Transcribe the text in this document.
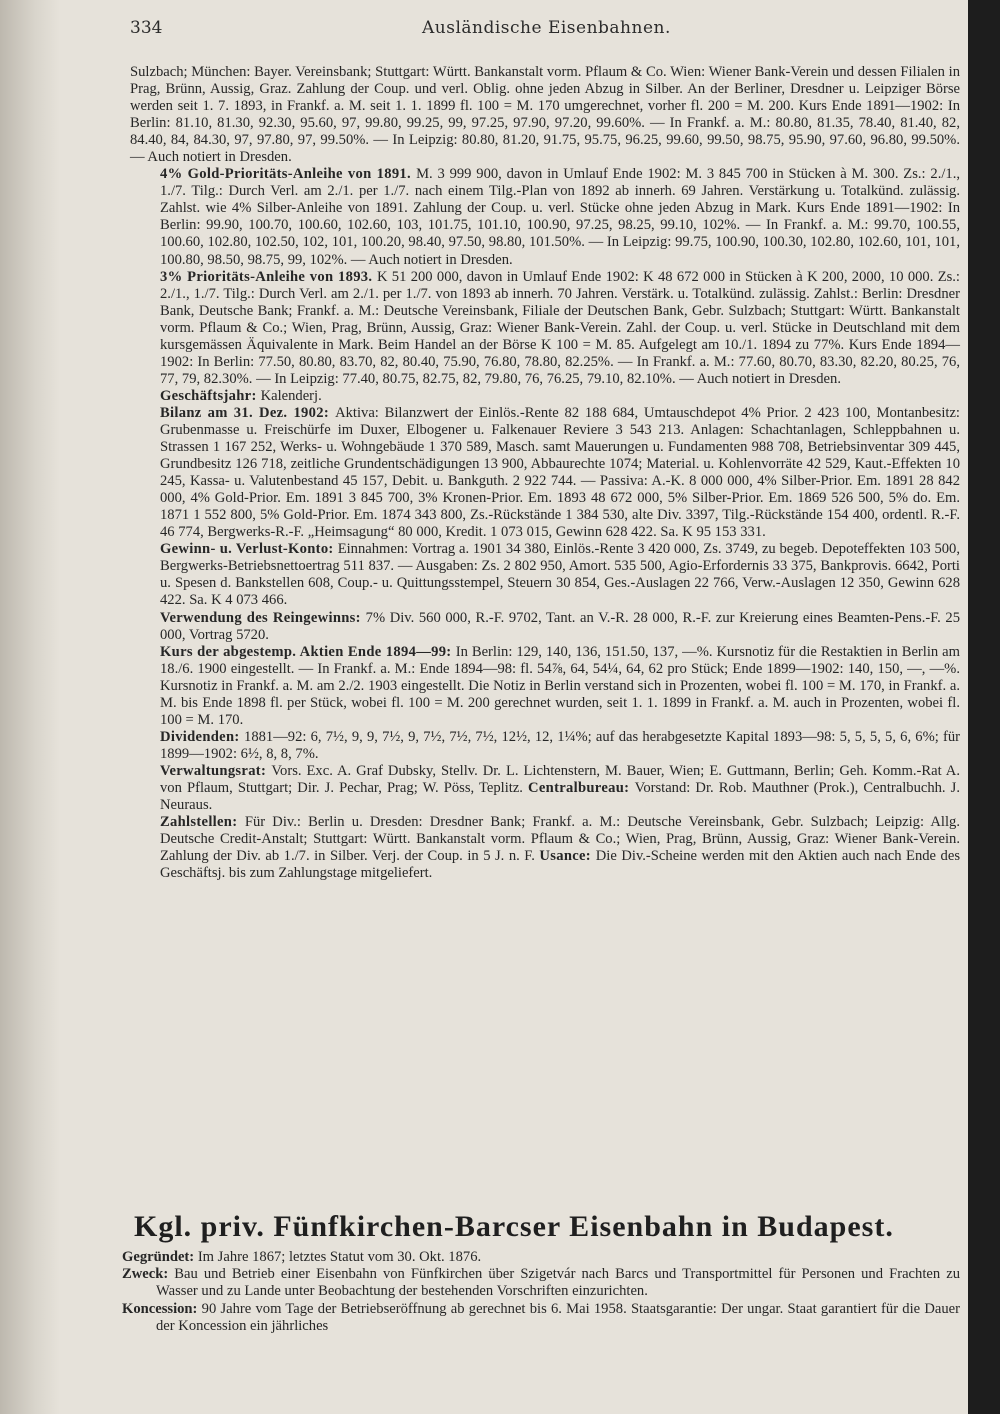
334	Ausländische Eisenbahnen.

Sulzbach; München: Bayer. Vereinsbank; Stuttgart: Württ. Bankanstalt vorm. Pflaum & Co. Wien: Wiener Bank-Verein und dessen Filialen in Prag, Brünn, Aussig, Graz. Zahlung der Coup. und verl. Oblig. ohne jeden Abzug in Silber. An der Berliner, Dresdner u. Leipziger Börse werden seit 1. 7. 1893, in Frankf. a. M. seit 1. 1. 1899 fl. 100 = M. 170 umgerechnet, vorher fl. 200 = M. 200. Kurs Ende 1891—1902: In Berlin: 81.10, 81.30, 92.30, 95.60, 97, 99.80, 99.25, 99, 97.25, 97.90, 97.20, 99.60%. — In Frankf. a. M.: 80.80, 81.35, 78.40, 81.40, 82, 84.40, 84, 84.30, 97, 97.80, 97, 99.50%. — In Leipzig: 80.80, 81.20, 91.75, 95.75, 96.25, 99.60, 99.50, 98.75, 95.90, 97.60, 96.80, 99.50%. — Auch notiert in Dresden.

4% Gold-Prioritäts-Anleihe von 1891. M. 3 999 900, davon in Umlauf Ende 1902: M. 3 845 700 in Stücken à M. 300. Zs.: 2./1., 1./7. Tilg.: Durch Verl. am 2./1. per 1./7. nach einem Tilg.-Plan von 1892 ab innerh. 69 Jahren. Verstärkung u. Totalkünd. zulässig. Zahlst. wie 4% Silber-Anleihe von 1891. Zahlung der Coup. u. verl. Stücke ohne jeden Abzug in Mark. Kurs Ende 1891—1902: In Berlin: 99.90, 100.70, 100.60, 102.60, 103, 101.75, 101.10, 100.90, 97.25, 98.25, 99.10, 102%. — In Frankf. a. M.: 99.70, 100.55, 100.60, 102.80, 102.50, 102, 101, 100.20, 98.40, 97.50, 98.80, 101.50%. — In Leipzig: 99.75, 100.90, 100.30, 102.80, 102.60, 101, 101, 100.80, 98.50, 98.75, 99, 102%. — Auch notiert in Dresden.

3% Prioritäts-Anleihe von 1893. K 51 200 000, davon in Umlauf Ende 1902: K 48 672 000 in Stücken à K 200, 2000, 10 000. Zs.: 2./1., 1./7. Tilg.: Durch Verl. am 2./1. per 1./7. von 1893 ab innerh. 70 Jahren. Verstärk. u. Totalkünd. zulässig. Zahlst.: Berlin: Dresdner Bank, Deutsche Bank; Frankf. a. M.: Deutsche Vereinsbank, Filiale der Deutschen Bank, Gebr. Sulzbach; Stuttgart: Württ. Bankanstalt vorm. Pflaum & Co.; Wien, Prag, Brünn, Aussig, Graz: Wiener Bank-Verein. Zahl. der Coup. u. verl. Stücke in Deutschland mit dem kursgemässen Äquivalente in Mark. Beim Handel an der Börse K 100 = M. 85. Aufgelegt am 10./1. 1894 zu 77%. Kurs Ende 1894—1902: In Berlin: 77.50, 80.80, 83.70, 82, 80.40, 75.90, 76.80, 78.80, 82.25%. — In Frankf. a. M.: 77.60, 80.70, 83.30, 82.20, 80.25, 76, 77, 79, 82.30%. — In Leipzig: 77.40, 80.75, 82.75, 82, 79.80, 76, 76.25, 79.10, 82.10%. — Auch notiert in Dresden.

Geschäftsjahr: Kalenderj.

Bilanz am 31. Dez. 1902: Aktiva: Bilanzwert der Einlös.-Rente 82 188 684, Umtauschdepot 4% Prior. 2 423 100, Montanbesitz: Grubenmasse u. Freischürfe im Duxer, Elbogener u. Falkenauer Reviere 3 543 213. Anlagen: Schachtanlagen, Schleppbahnen u. Strassen 1 167 252, Werks- u. Wohngebäude 1 370 589, Masch. samt Mauerungen u. Fundamenten 988 708, Betriebsinventar 309 445, Grundbesitz 126 718, zeitliche Grundentschädigungen 13 900, Abbaurechte 1074; Material. u. Kohlenvorräte 42 529, Kaut.-Effekten 10 245, Kassa- u. Valutenbestand 45 157, Debit. u. Bankguth. 2 922 744. — Passiva: A.-K. 8 000 000, 4% Silber-Prior. Em. 1891 28 842 000, 4% Gold-Prior. Em. 1891 3 845 700, 3% Kronen-Prior. Em. 1893 48 672 000, 5% Silber-Prior. Em. 1869 526 500, 5% do. Em. 1871 1 552 800, 5% Gold-Prior. Em. 1874 343 800, Zs.-Rückstände 1 384 530, alte Div. 3397, Tilg.-Rückstände 154 400, ordentl. R.-F. 46 774, Bergwerks-R.-F. „Heimsagung“ 80 000, Kredit. 1 073 015, Gewinn 628 422. Sa. K 95 153 331.

Gewinn- u. Verlust-Konto: Einnahmen: Vortrag a. 1901 34 380, Einlös.-Rente 3 420 000, Zs. 3749, zu begeb. Depoteffekten 103 500, Bergwerks-Betriebsnettoertrag 511 837. — Ausgaben: Zs. 2 802 950, Amort. 535 500, Agio-Erfordernis 33 375, Bankprovis. 6642, Porti u. Spesen d. Bankstellen 608, Coup.- u. Quittungsstempel, Steuern 30 854, Ges.-Auslagen 22 766, Verw.-Auslagen 12 350, Gewinn 628 422. Sa. K 4 073 466.

Verwendung des Reingewinns: 7% Div. 560 000, R.-F. 9702, Tant. an V.-R. 28 000, R.-F. zur Kreierung eines Beamten-Pens.-F. 25 000, Vortrag 5720.

Kurs der abgestemp. Aktien Ende 1894—99: In Berlin: 129, 140, 136, 151.50, 137, —%. Kursnotiz für die Restaktien in Berlin am 18./6. 1900 eingestellt. — In Frankf. a. M.: Ende 1894—98: fl. 54⅞, 64, 54¼, 64, 62 pro Stück; Ende 1899—1902: 140, 150, —, —%. Kursnotiz in Frankf. a. M. am 2./2. 1903 eingestellt. Die Notiz in Berlin verstand sich in Prozenten, wobei fl. 100 = M. 170, in Frankf. a. M. bis Ende 1898 fl. per Stück, wobei fl. 100 = M. 200 gerechnet wurden, seit 1. 1. 1899 in Frankf. a. M. auch in Prozenten, wobei fl. 100 = M. 170.

Dividenden: 1881—92: 6, 7½, 9, 9, 7½, 9, 7½, 7½, 7½, 12½, 12, 1¼%; auf das herabgesetzte Kapital 1893—98: 5, 5, 5, 5, 6, 6%; für 1899—1902: 6½, 8, 8, 7%.

Verwaltungsrat: Vors. Exc. A. Graf Dubsky, Stellv. Dr. L. Lichtenstern, M. Bauer, Wien; E. Guttmann, Berlin; Geh. Komm.-Rat A. von Pflaum, Stuttgart; Dir. J. Pechar, Prag; W. Pöss, Teplitz. Centralbureau: Vorstand: Dr. Rob. Mauthner (Prok.), Centralbuchh. J. Neuraus.

Zahlstellen: Für Div.: Berlin u. Dresden: Dresdner Bank; Frankf. a. M.: Deutsche Vereinsbank, Gebr. Sulzbach; Leipzig: Allg. Deutsche Credit-Anstalt; Stuttgart: Württ. Bankanstalt vorm. Pflaum & Co.; Wien, Prag, Brünn, Aussig, Graz: Wiener Bank-Verein. Zahlung der Div. ab 1./7. in Silber. Verj. der Coup. in 5 J. n. F. Usance: Die Div.-Scheine werden mit den Aktien auch nach Ende des Geschäftsj. bis zum Zahlungstage mitgeliefert.

Kgl. priv. Fünfkirchen-Barcser Eisenbahn in Budapest.

Gegründet: Im Jahre 1867; letztes Statut vom 30. Okt. 1876.

Zweck: Bau und Betrieb einer Eisenbahn von Fünfkirchen über Szigetvár nach Barcs und Transportmittel für Personen und Frachten zu Wasser und zu Lande unter Beobachtung der bestehenden Vorschriften einzurichten.

Koncession: 90 Jahre vom Tage der Betriebseröffnung ab gerechnet bis 6. Mai 1958. Staatsgarantie: Der ungar. Staat garantiert für die Dauer der Koncession ein jährliches
